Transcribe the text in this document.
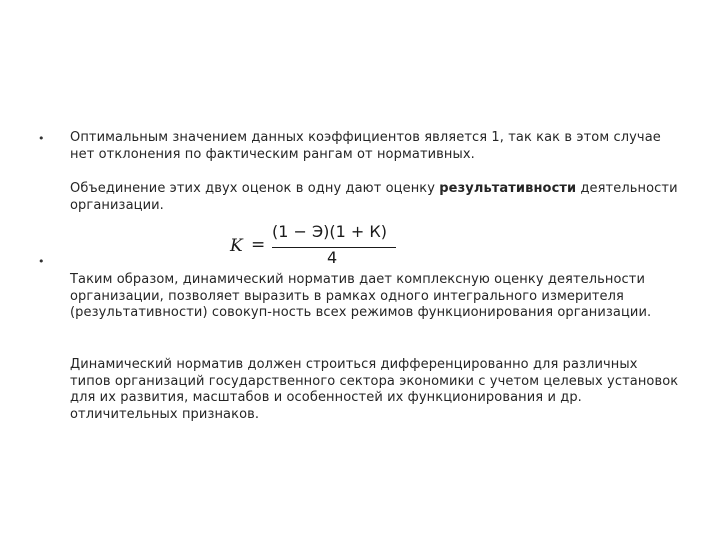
•
•
Оптимальным значением данных коэффициентов является 1, так как в этом случае нет отклонения по фактическим рангам от нормативных.
Объединение этих двух оценок в одну дают оценку результативности деятельности организации.
K =
(1 − Э)(1 + К)
4
Таким образом, динамический норматив дает комплексную оценку деятельности организации, позволяет выразить в рамках одного интегрального измерителя (результативности) совокуп-ность всех режимов функционирования организации.
Динамический норматив должен строиться дифференцированно для различных типов организаций государственного сектора экономики с учетом целевых установок для их развития, масштабов и особенностей их функционирования и др. отличительных признаков.
